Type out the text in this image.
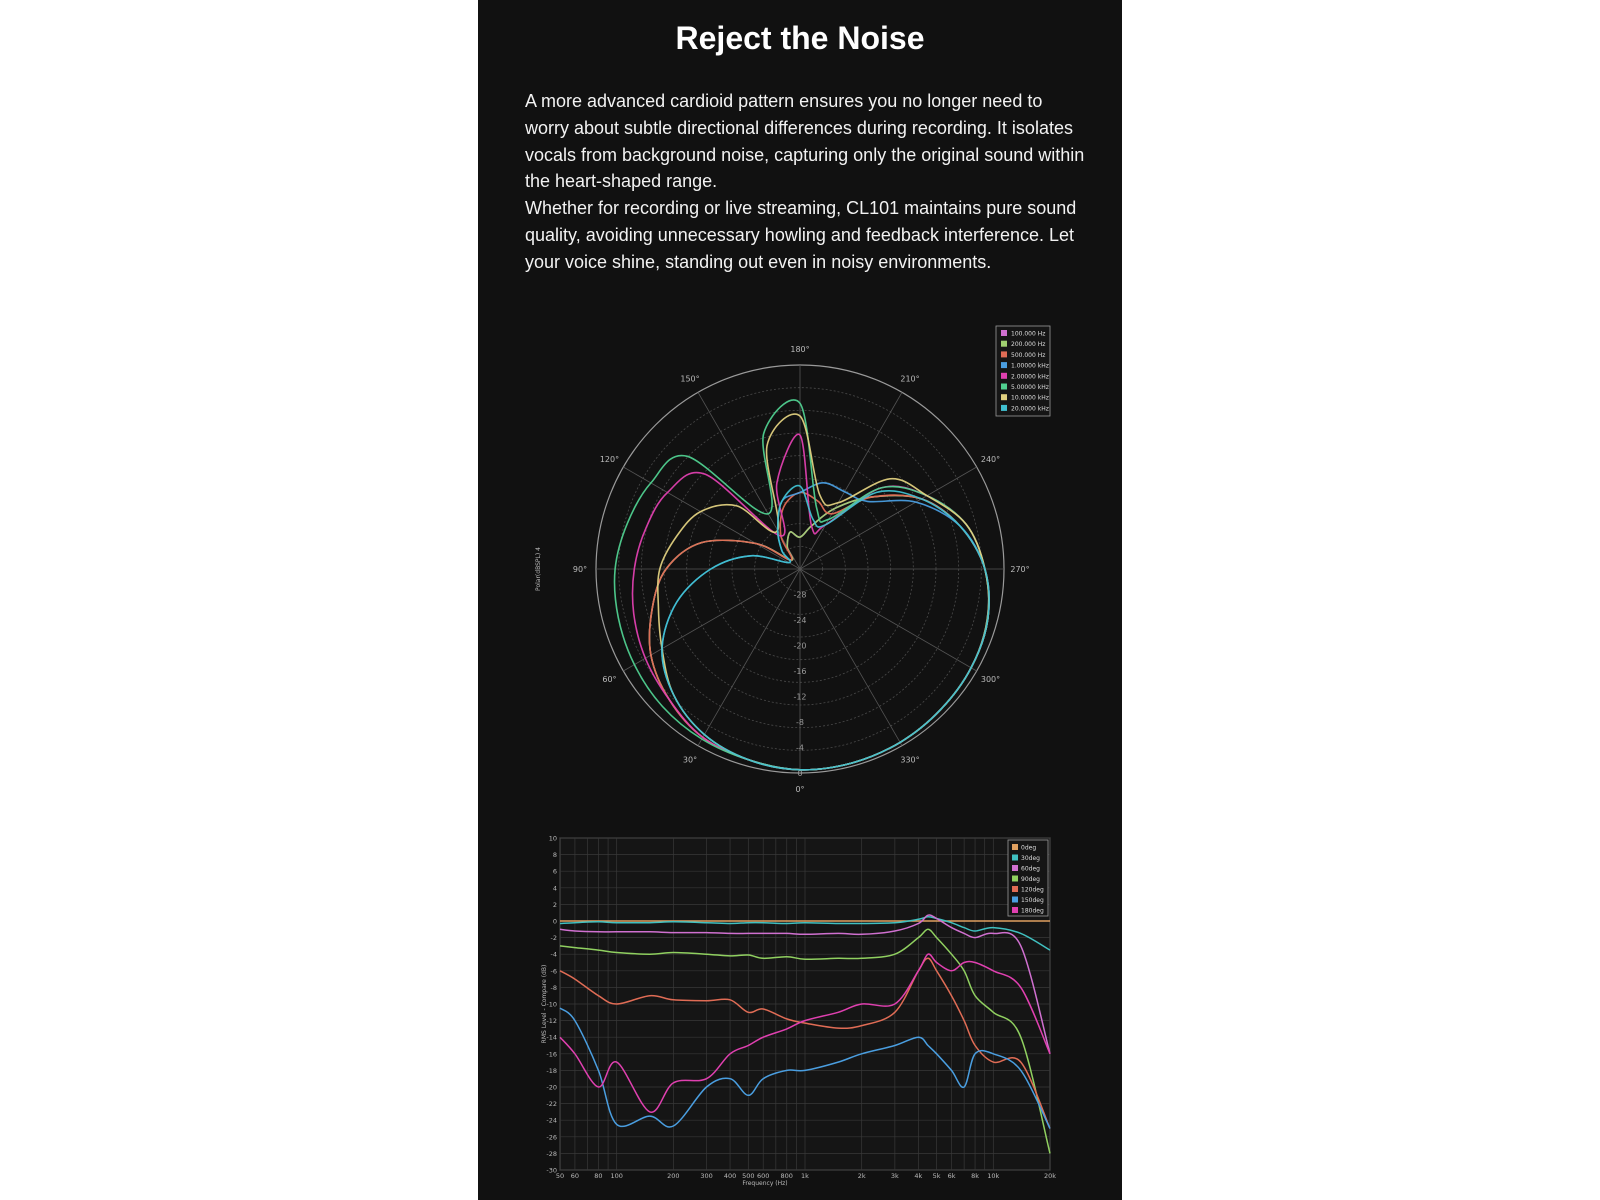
Reject the Noise

A more advanced cardioid pattern ensures you no longer need to worry about subtle directional differences during recording. It isolates vocals from background noise, capturing only the original sound within the heart-shaped range.

Whether for recording or live streaming, CL101 maintains pure sound quality, avoiding unnecessary howling and feedback interference. Let your voice shine, standing out even in noisy environments.

0°
30°
60°
90°
120°
150°
180°
210°
240°
270°
300°
330°
-28
-24
-20
-16
-12
-8
-4
0
Polar(dBSPL) 4
100.000 Hz
200.000 Hz
500.000 Hz
1.00000 kHz
2.00000 kHz
5.00000 kHz
10.0000 kHz
20.0000 kHz
10
8
6
4
2
0
-2
-4
-6
-8
-10
-12
-14
-16
-18
-20
-22
-24
-26
-28
-30
50 60 80 100	200	300 400 500 600 800 1k	2k	3k 4k 5k 6k 8k 10k	20k
Frequency (Hz)
RMS Level - Compare (dB)
0deg
30deg
60deg
90deg
120deg
150deg
180deg
